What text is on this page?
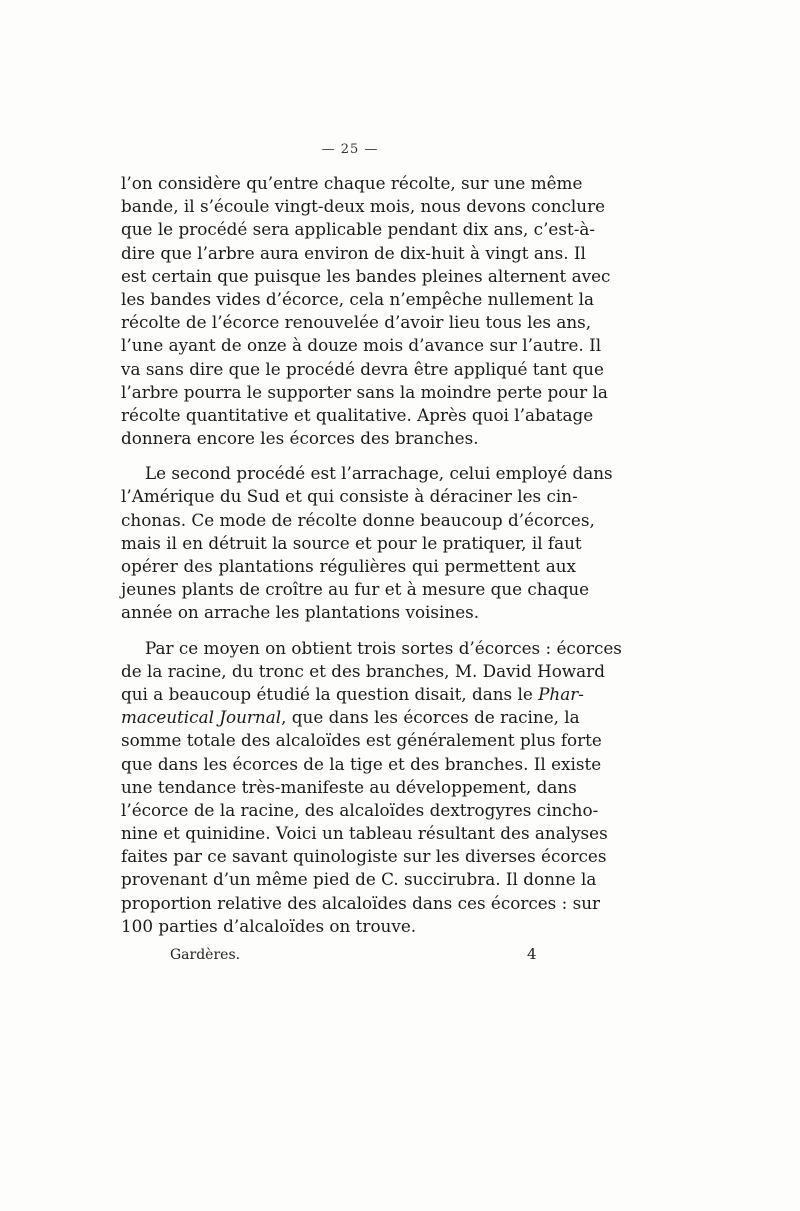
— 25 —
l’on considère qu’entre chaque récolte, sur une même
bande, il s’écoule vingt-deux mois, nous devons conclure
que le procédé sera applicable pendant dix ans, c’est-à-
dire que l’arbre aura environ de dix-huit à vingt ans. Il
est certain que puisque les bandes pleines alternent avec
les bandes vides d’écorce, cela n’empêche nullement la
récolte de l’écorce renouvelée d’avoir lieu tous les ans,
l’une ayant de onze à douze mois d’avance sur l’autre. Il
va sans dire que le procédé devra être appliqué tant que
l’arbre pourra le supporter sans la moindre perte pour la
récolte quantitative et qualitative. Après quoi l’abatage
donnera encore les écorces des branches.
Le second procédé est l’arrachage, celui employé dans
l’Amérique du Sud et qui consiste à déraciner les cin-
chonas. Ce mode de récolte donne beaucoup d’écorces,
mais il en détruit la source et pour le pratiquer, il faut
opérer des plantations régulières qui permettent aux
jeunes plants de croître au fur et à mesure que chaque
année on arrache les plantations voisines.
Par ce moyen on obtient trois sortes d’écorces : écorces
de la racine, du tronc et des branches, M. David Howard
qui a beaucoup étudié la question disait, dans le Phar-
maceutical Journal, que dans les écorces de racine, la
somme totale des alcaloïdes est généralement plus forte
que dans les écorces de la tige et des branches. Il existe
une tendance très-manifeste au développement, dans
l’écorce de la racine, des alcaloïdes dextrogyres cincho-
nine et quinidine. Voici un tableau résultant des analyses
faites par ce savant quinologiste sur les diverses écorces
provenant d’un même pied de C. succirubra. Il donne la
proportion relative des alcaloïdes dans ces écorces : sur
100 parties d’alcaloïdes on trouve.
Gardères.	4
